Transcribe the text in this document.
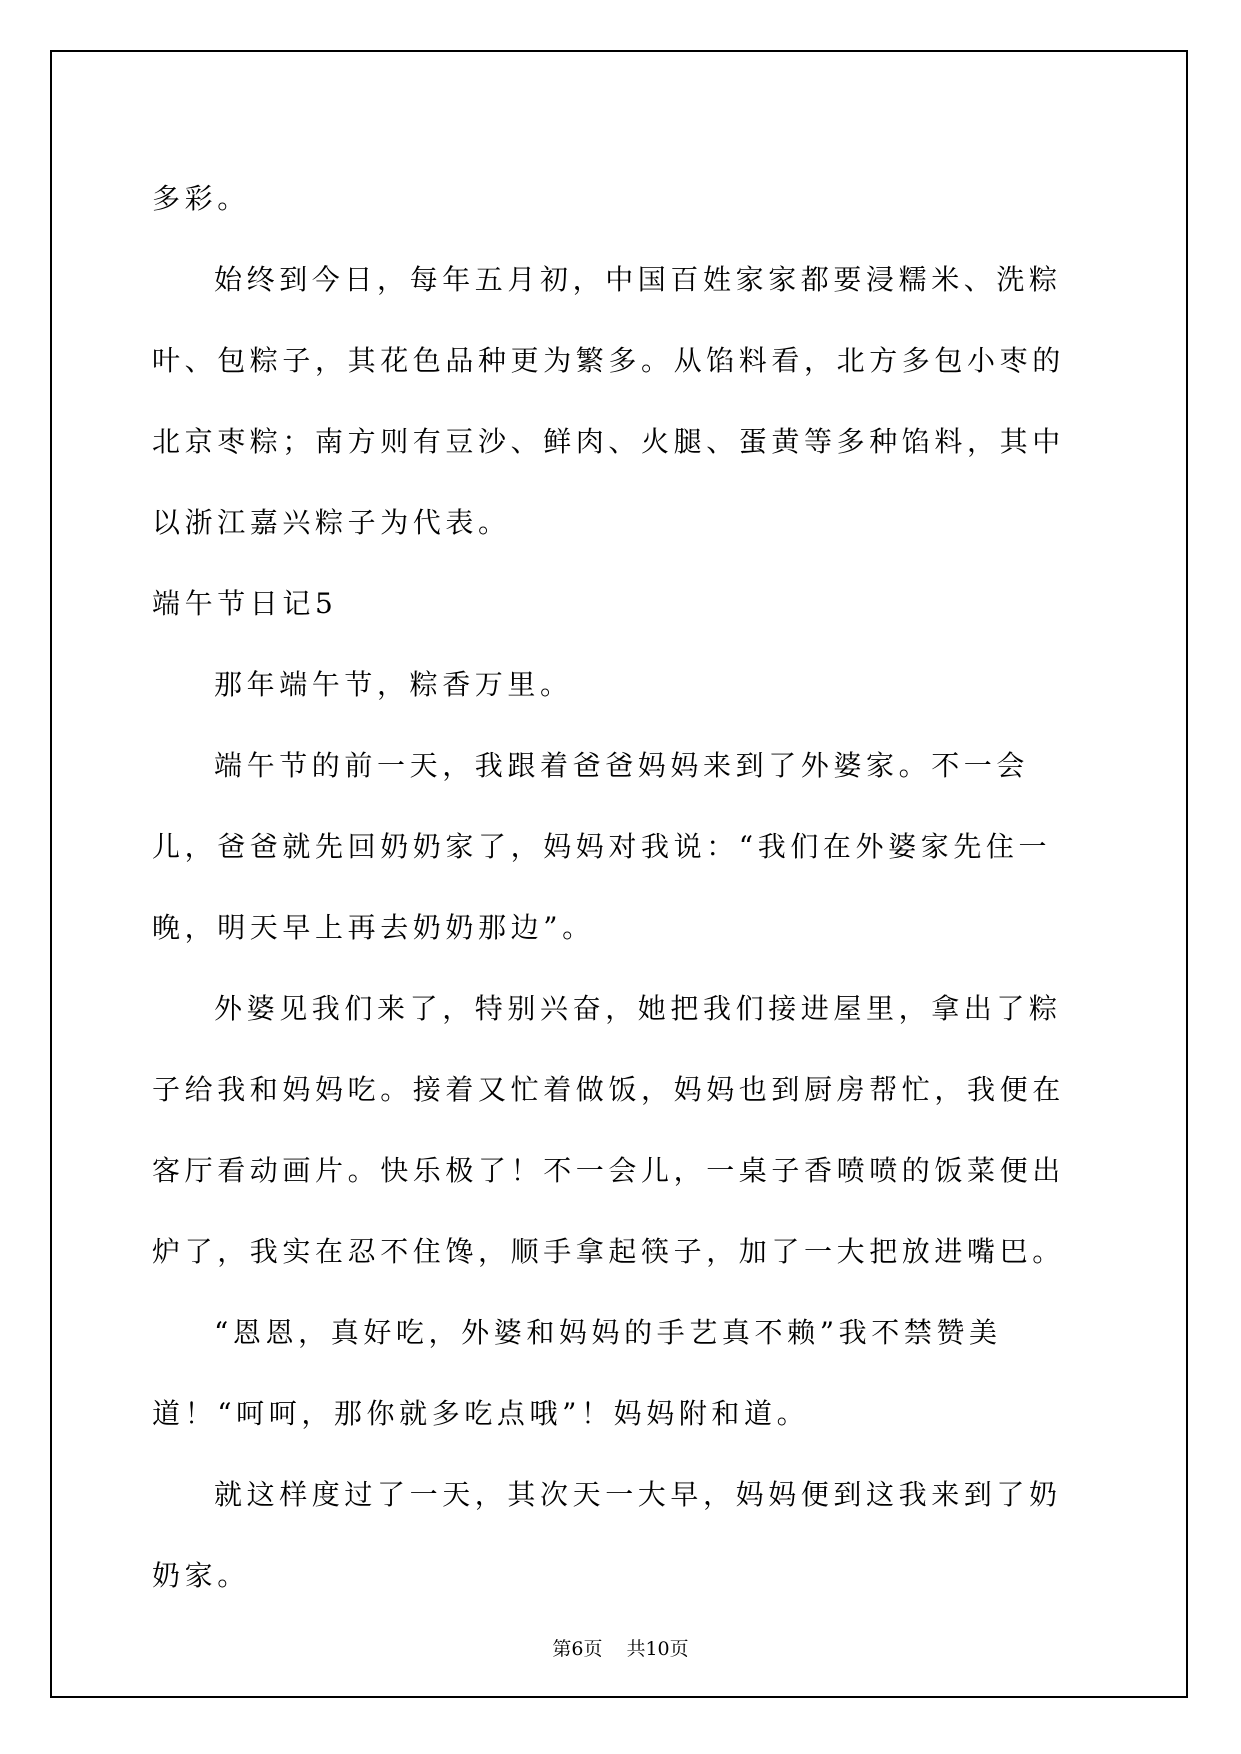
多彩。

始终到今日，每年五月初，中国百姓家家都要浸糯米、洗粽叶、包粽子，其花色品种更为繁多。从馅料看，北方多包小枣的北京枣粽；南方则有豆沙、鲜肉、火腿、蛋黄等多种馅料，其中以浙江嘉兴粽子为代表。

端午节日记5

那年端午节，粽香万里。

端午节的前一天，我跟着爸爸妈妈来到了外婆家。不一会儿，爸爸就先回奶奶家了，妈妈对我说：“我们在外婆家先住一晚，明天早上再去奶奶那边”。

外婆见我们来了，特别兴奋，她把我们接进屋里，拿出了粽子给我和妈妈吃。接着又忙着做饭，妈妈也到厨房帮忙，我便在客厅看动画片。快乐极了！不一会儿，一桌子香喷喷的饭菜便出炉了，我实在忍不住馋，顺手拿起筷子，加了一大把放进嘴巴。

“恩恩，真好吃，外婆和妈妈的手艺真不赖”我不禁赞美道！“呵呵，那你就多吃点哦”！妈妈附和道。

就这样度过了一天，其次天一大早，妈妈便到这我来到了奶奶家。

第6页 共10页
